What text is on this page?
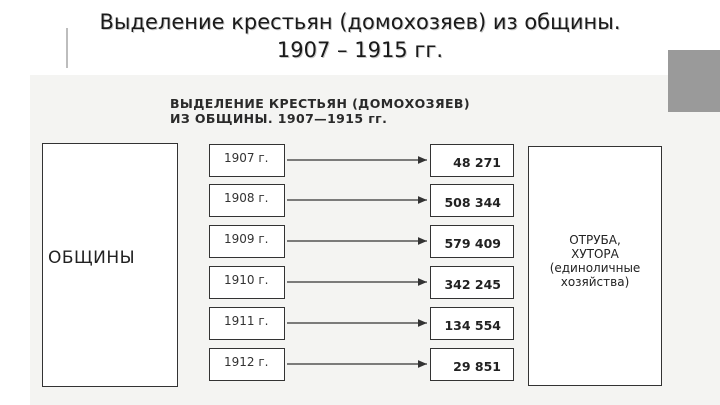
Выделение крестьян (домохозяев) из общины.
1907 – 1915 гг.
ВЫДЕЛЕНИЕ КРЕСТЬЯН (ДОМОХОЗЯЕВ)
ИЗ ОБЩИНЫ. 1907—1915 гг.
ОБЩИНЫ
ОТРУБА,
ХУТОРА
(единоличные
хозяйства)
1907 г.	48 271
1908 г.	508 344
1909 г.	579 409
1910 г.	342 245
1911 г.	134 554
1912 г.	29 851
